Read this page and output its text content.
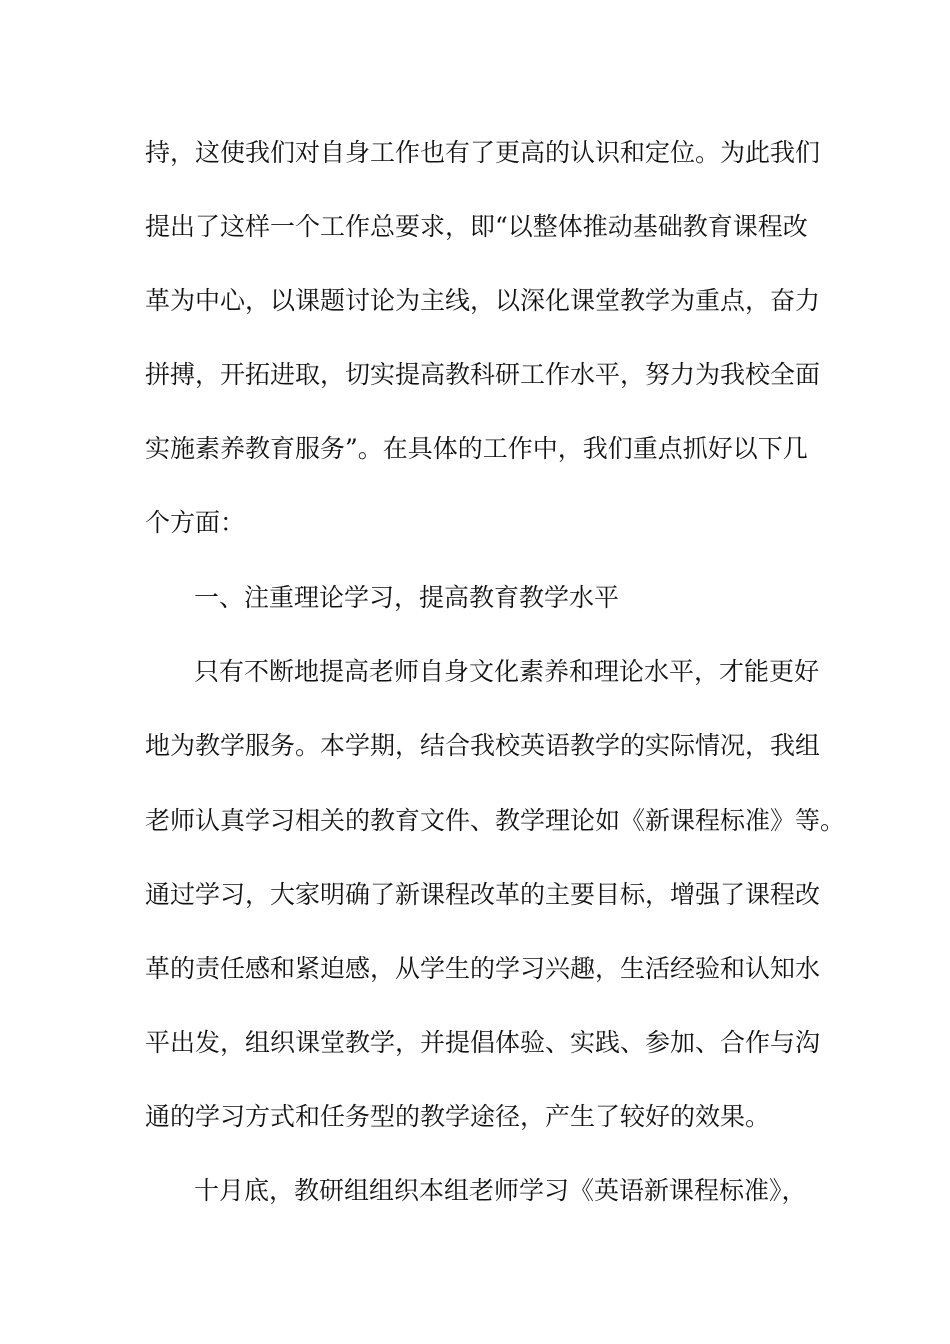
持，这使我们对自身工作也有了更高的认识和定位。为此我们
提出了这样一个工作总要求，即“以整体推动基础教育课程改
革为中心，以课题讨论为主线，以深化课堂教学为重点，奋力
拼搏，开拓进取，切实提高教科研工作水平，努力为我校全面
实施素养教育服务”。在具体的工作中，我们重点抓好以下几
个方面：
一、注重理论学习，提高教育教学水平
只有不断地提高老师自身文化素养和理论水平，才能更好
地为教学服务。本学期，结合我校英语教学的实际情况，我组
老师认真学习相关的教育文件、教学理论如《新课程标准》等。
通过学习，大家明确了新课程改革的主要目标，增强了课程改
革的责任感和紧迫感，从学生的学习兴趣，生活经验和认知水
平出发，组织课堂教学，并提倡体验、实践、参加、合作与沟
通的学习方式和任务型的教学途径，产生了较好的效果。
十月底，教研组组织本组老师学习《英语新课程标准》，
